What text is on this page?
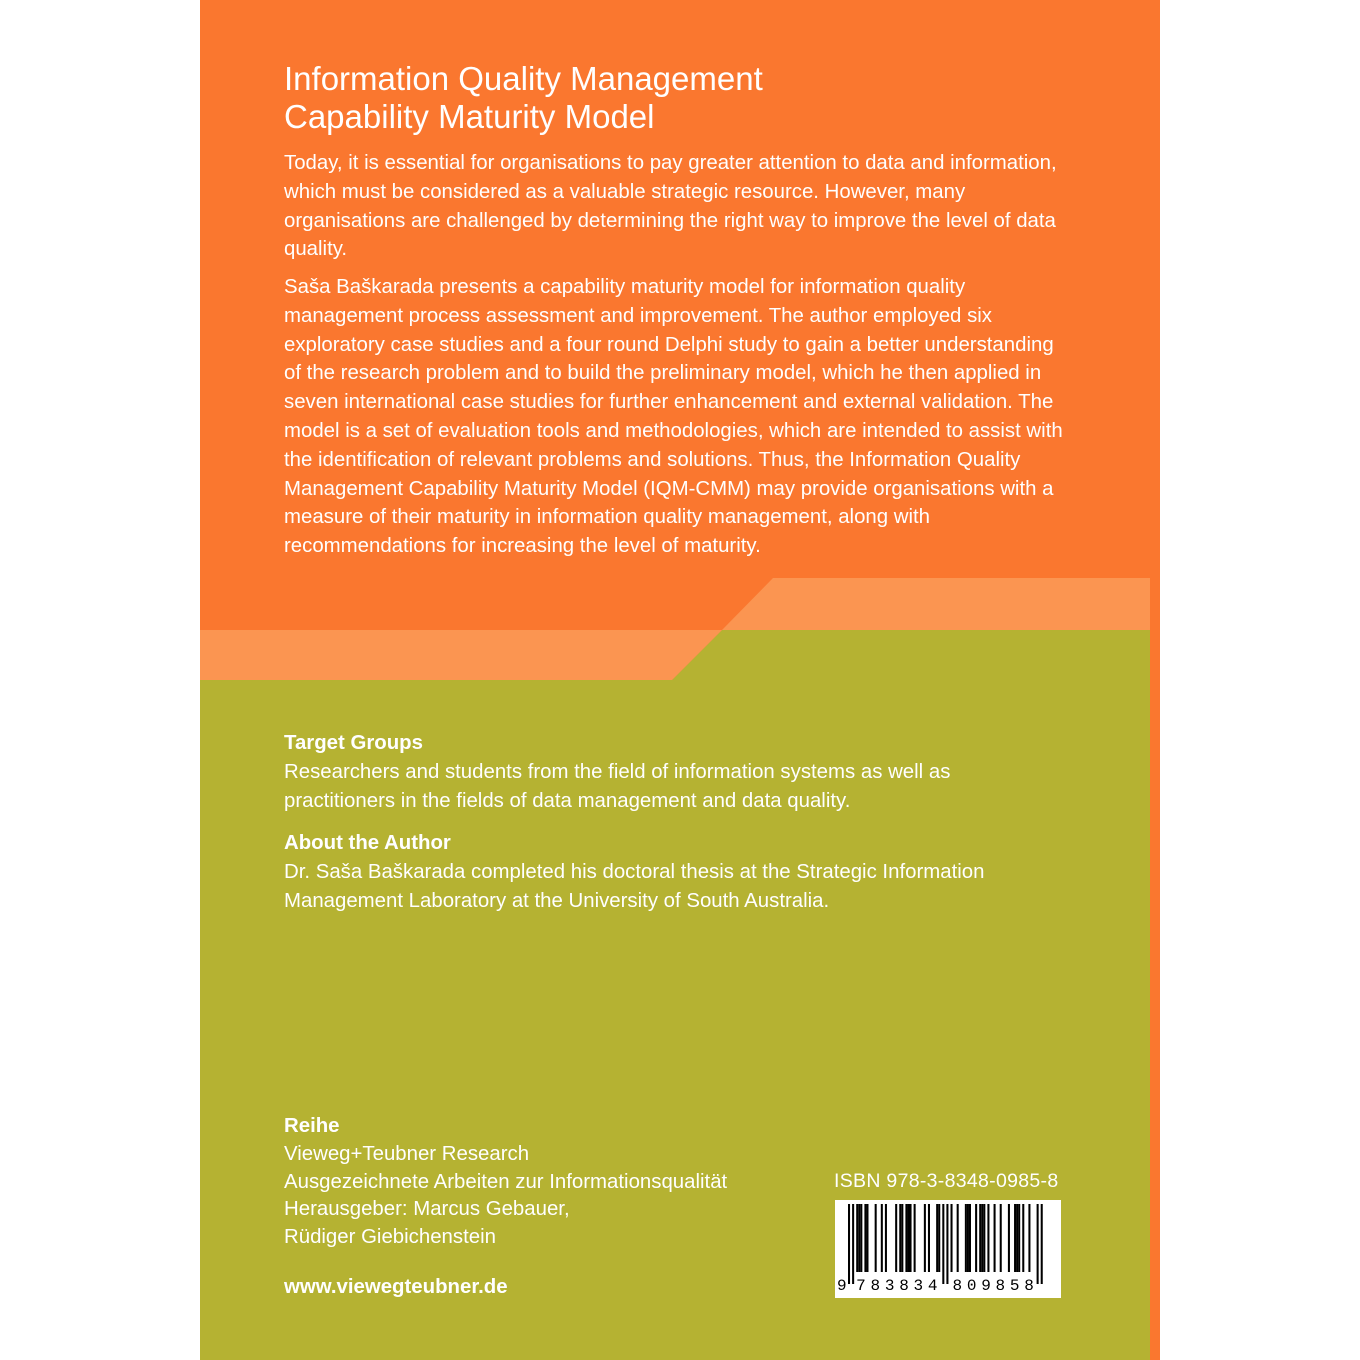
Information Quality Management
Capability Maturity Model
Today, it is essential for organisations to pay greater attention to data and information, which must be considered as a valuable strategic resource. However, many organisations are challenged by determining the right way to improve the level of data quality.
Saša Baškarada presents a capability maturity model for information quality management process assessment and improvement. The author employed six exploratory case studies and a four round Delphi study to gain a better understanding of the research problem and to build the preliminary model, which he then applied in seven international case studies for further enhancement and external validation. The model is a set of evaluation tools and methodologies, which are intended to assist with the identification of relevant problems and solutions. Thus, the Information Quality Management Capability Maturity Model (IQM-CMM) may provide organisations with a measure of their maturity in information quality management, along with recommendations for increasing the level of maturity.
Target Groups
Researchers and students from the field of information systems as well as practitioners in the fields of data management and data quality.
About the Author
Dr. Saša Baškarada completed his doctoral thesis at the Strategic Information Management Laboratory at the University of South Australia.
Reihe
Vieweg+Teubner Research
Ausgezeichnete Arbeiten zur Informationsqualität
Herausgeber: Marcus Gebauer,
Rüdiger Giebichenstein
www.viewegteubner.de
ISBN 978-3-8348-0985-8
9 7 8 3 8 3 4 8 0 9 8 5 8
